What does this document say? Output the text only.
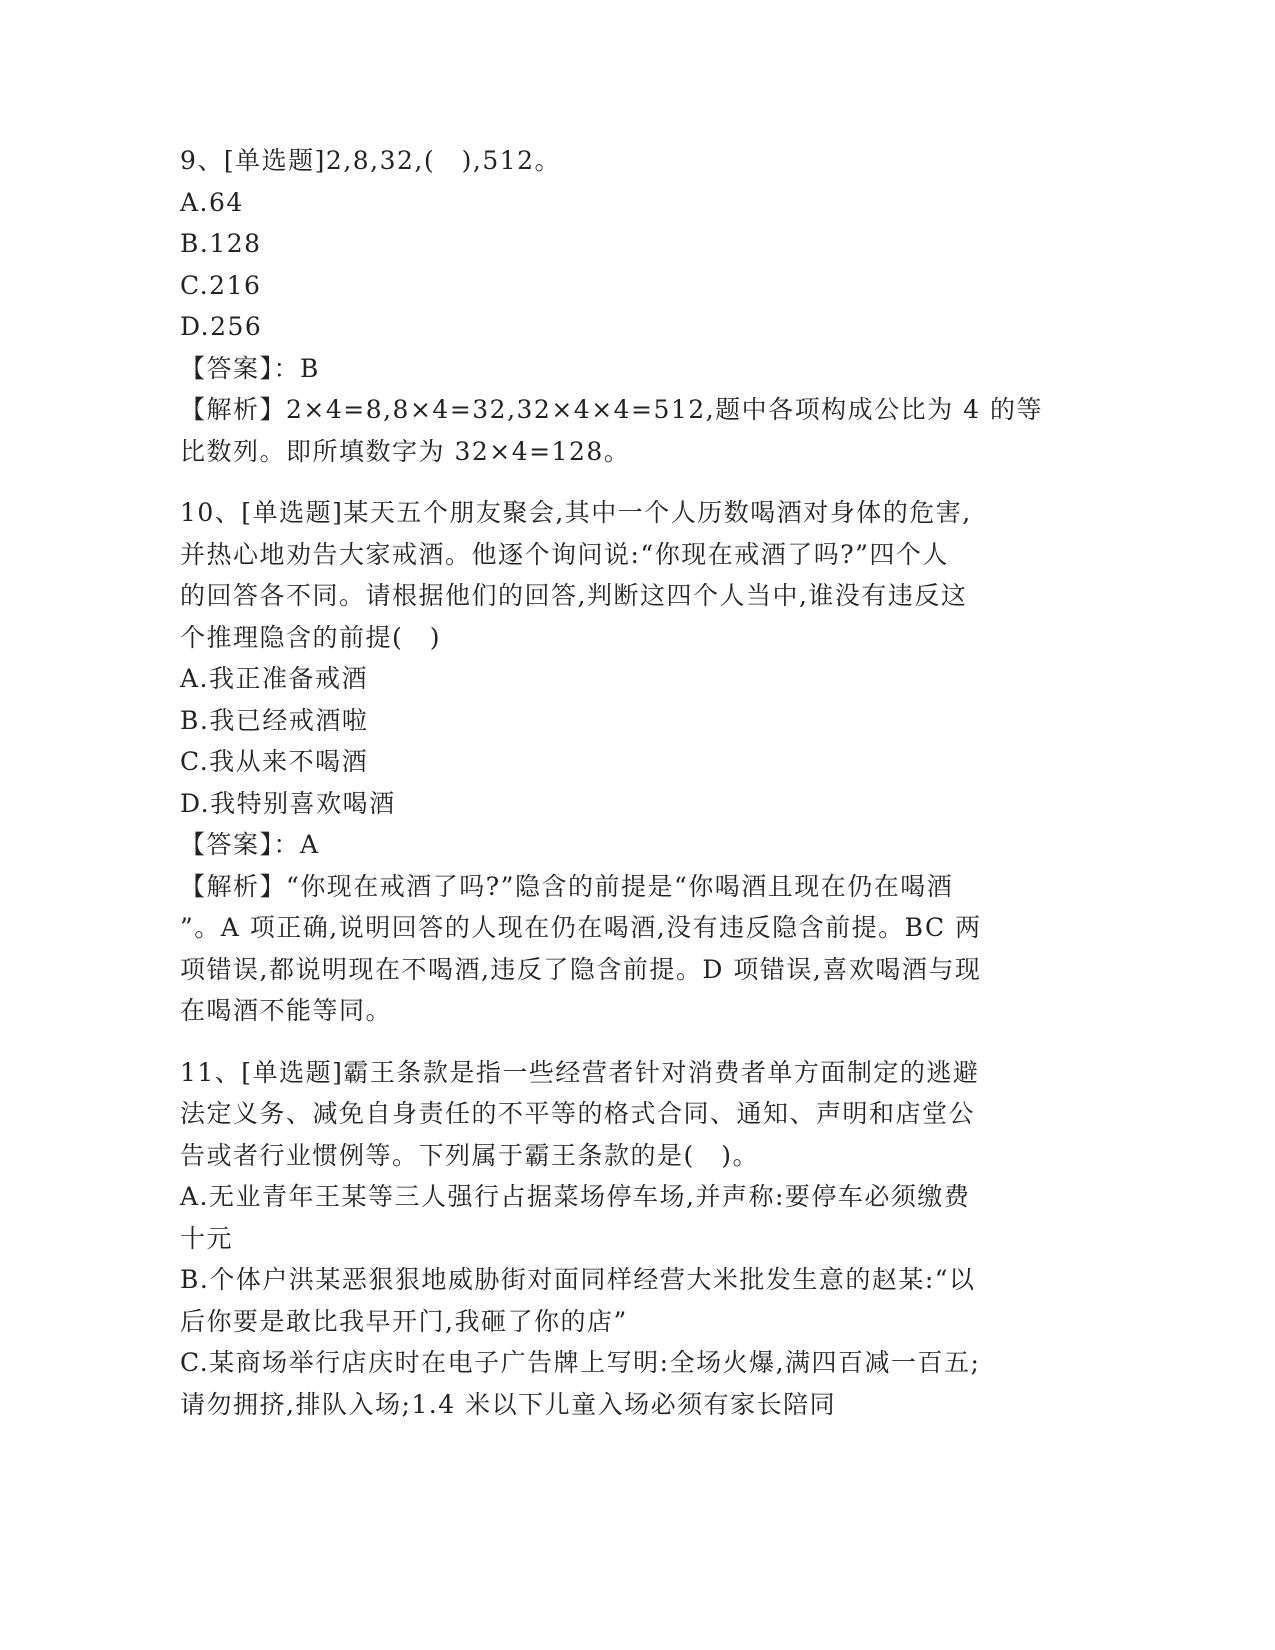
9、[单选题]2,8,32,(　),512。
A.64
B.128
C.216
D.256
【答案】：B
【解析】2×4=8,8×4=32,32×4×4=512,题中各项构成公比为 4 的等
比数列。即所填数字为 32×4=128。
10、[单选题]某天五个朋友聚会,其中一个人历数喝酒对身体的危害,
并热心地劝告大家戒酒。他逐个询问说:“你现在戒酒了吗?”四个人
的回答各不同。请根据他们的回答,判断这四个人当中,谁没有违反这
个推理隐含的前提(　)
A.我正准备戒酒
B.我已经戒酒啦
C.我从来不喝酒
D.我特别喜欢喝酒
【答案】：A
【解析】“你现在戒酒了吗?”隐含的前提是“你喝酒且现在仍在喝酒
”。A 项正确,说明回答的人现在仍在喝酒,没有违反隐含前提。BC 两
项错误,都说明现在不喝酒,违反了隐含前提。D 项错误,喜欢喝酒与现
在喝酒不能等同。
11、[单选题]霸王条款是指一些经营者针对消费者单方面制定的逃避
法定义务、减免自身责任的不平等的格式合同、通知、声明和店堂公
告或者行业惯例等。下列属于霸王条款的是(　)。
A.无业青年王某等三人强行占据菜场停车场,并声称:要停车必须缴费
十元
B.个体户洪某恶狠狠地威胁街对面同样经营大米批发生意的赵某:“以
后你要是敢比我早开门,我砸了你的店”
C.某商场举行店庆时在电子广告牌上写明:全场火爆,满四百减一百五;
请勿拥挤,排队入场;1.4 米以下儿童入场必须有家长陪同
